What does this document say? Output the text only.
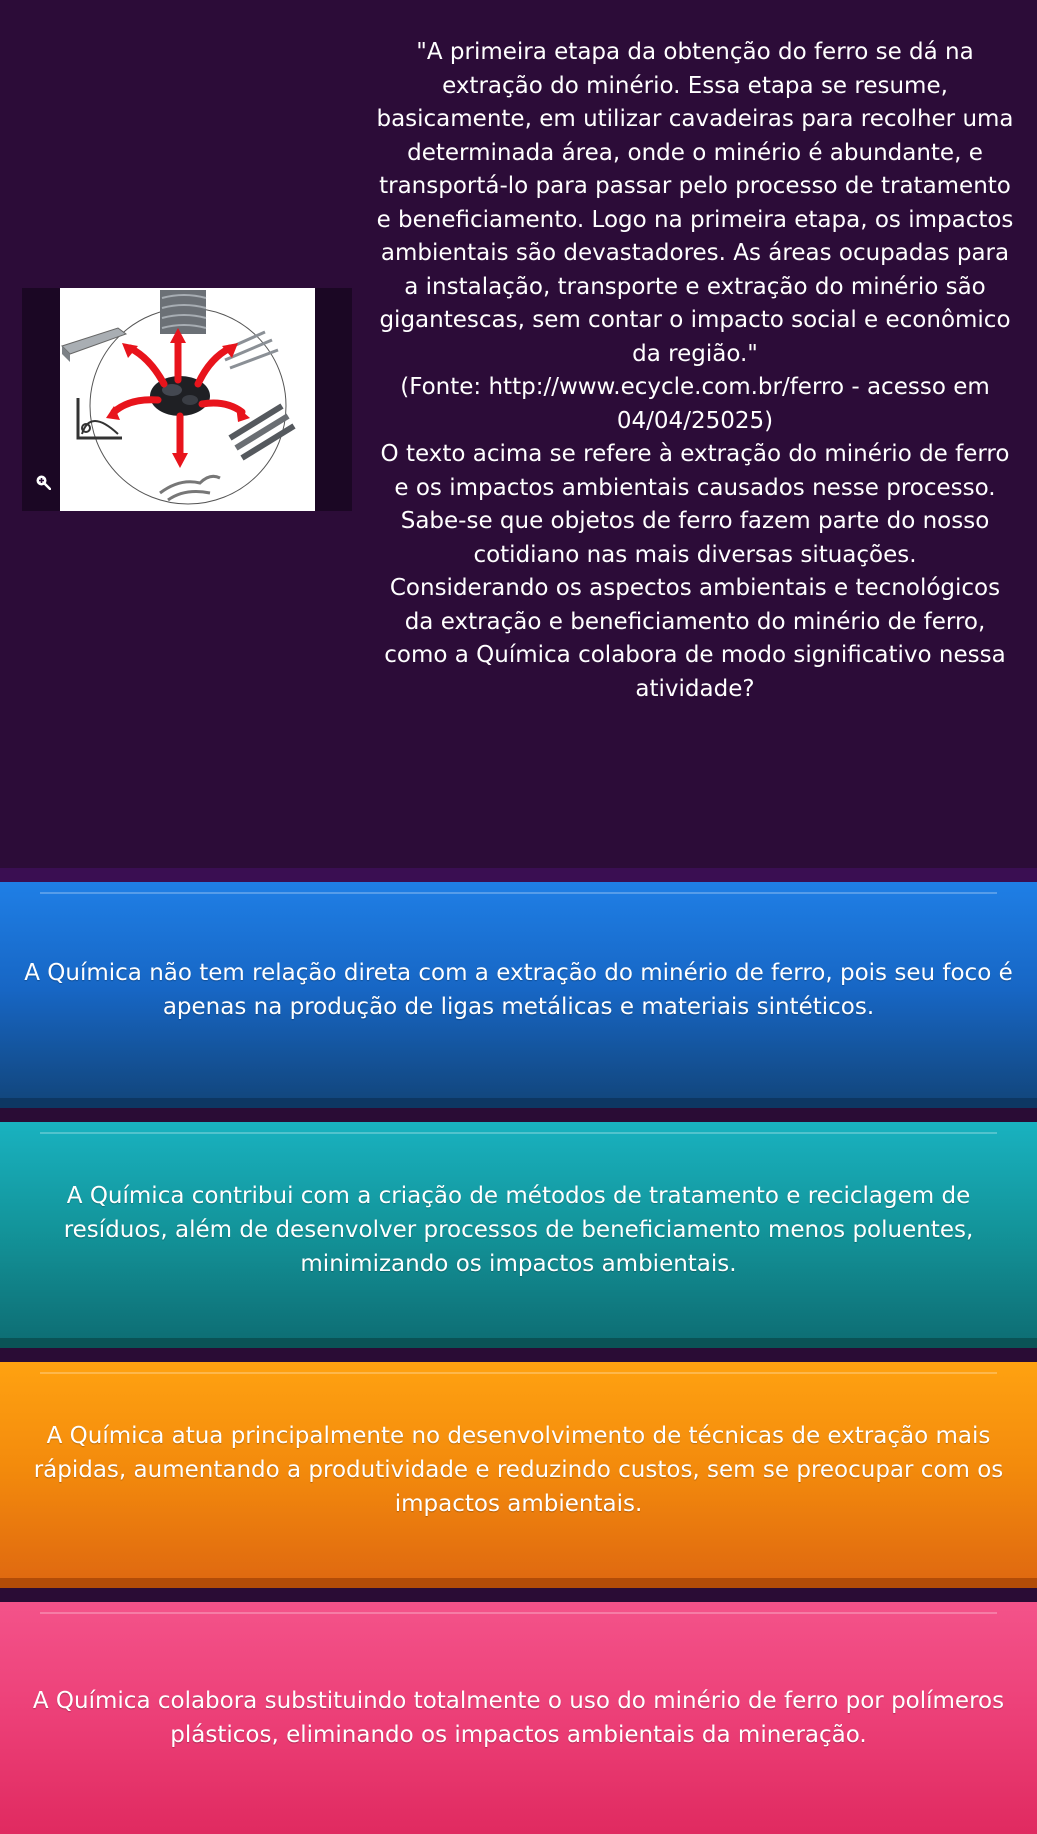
"A primeira etapa da obtenção do ferro se dá na extração do minério. Essa etapa se resume, basicamente, em utilizar cavadeiras para recolher uma determinada área, onde o minério é abundante, e transportá-lo para passar pelo processo de tratamento e beneficiamento. Logo na primeira etapa, os impactos ambientais são devastadores. As áreas ocupadas para a instalação, transporte e extração do minério são gigantescas, sem contar o impacto social e econômico da região."

(Fonte: http://www.ecycle.com.br/ferro - acesso em 04/04/25025)

O texto acima se refere à extração do minério de ferro e os impactos ambientais causados nesse processo. Sabe-se que objetos de ferro fazem parte do nosso cotidiano nas mais diversas situações.

Considerando os aspectos ambientais e tecnológicos da extração e beneficiamento do minério de ferro, como a Química colabora de modo significativo nessa atividade?

A Química não tem relação direta com a extração do minério de ferro, pois seu foco é apenas na produção de ligas metálicas e materiais sintéticos.
A Química contribui com a criação de métodos de tratamento e reciclagem de resíduos, além de desenvolver processos de beneficiamento menos poluentes, minimizando os impactos ambientais.
A Química atua principalmente no desenvolvimento de técnicas de extração mais rápidas, aumentando a produtividade e reduzindo custos, sem se preocupar com os impactos ambientais.
A Química colabora substituindo totalmente o uso do minério de ferro por polímeros plásticos, eliminando os impactos ambientais da mineração.
